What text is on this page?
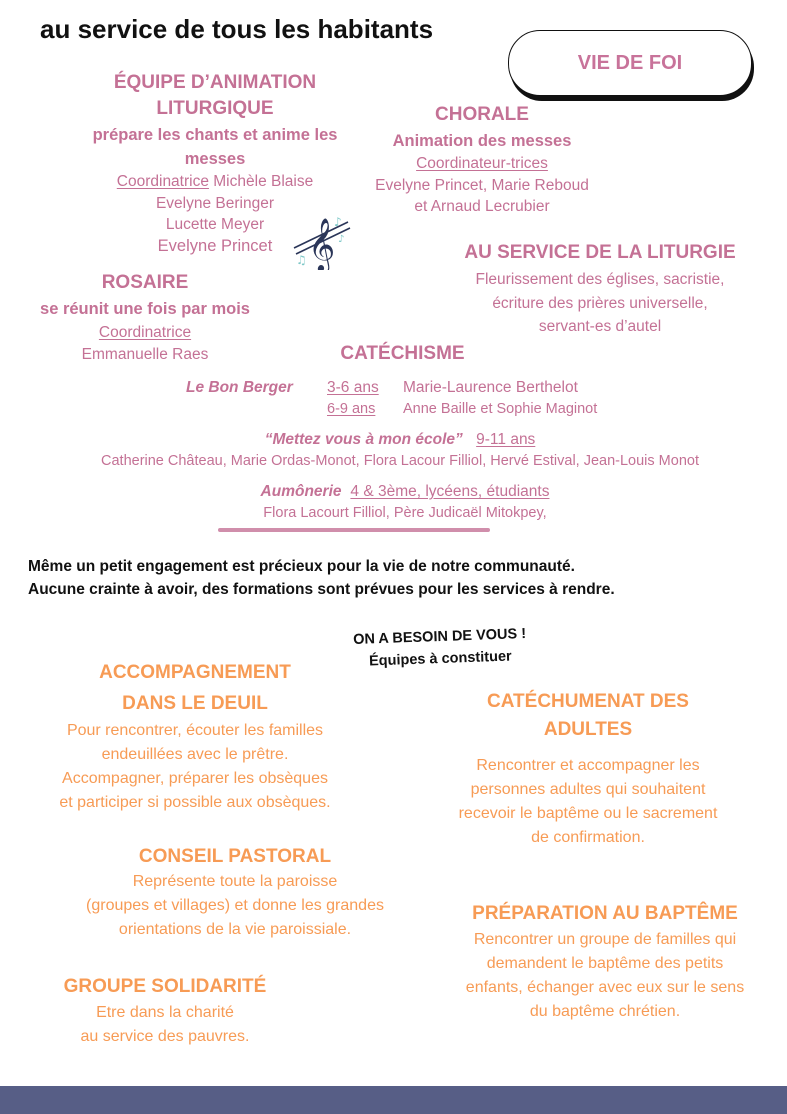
au service de tous les habitants
VIE DE FOI
ÉQUIPE D’ANIMATION
LITURGIQUE
prépare les chants et anime les
messes
Coordinatrice Michèle Blaise
Evelyne Beringer
Lucette Meyer
Evelyne Princet 𝄞
♪
♪
♫
CHORALE
Animation des messes
Coordinateur-trices
Evelyne Princet, Marie Reboud
et Arnaud Lecrubier
AU SERVICE DE LA LITURGIE
Fleurissement des églises, sacristie,
écriture des prières universelle,
servant-es d’autel
ROSAIRE
se réunit une fois par mois
Coordinatrice
Emmanuelle Raes	CATÉCHISME
Le Bon Berger	3-6 ans	Marie-Laurence Berthelot
6-9 ans	Anne Baille et Sophie Maginot
“Mettez vous à mon école” 9-11 ans
Catherine Château, Marie Ordas-Monot, Flora Lacour Filliol, Hervé Estival, Jean-Louis Monot
Aumônerie 4 & 3ème, lycéens, étudiants
Flora Lacourt Filliol, Père Judicaël Mitokpey,
Même un petit engagement est précieux pour la vie de notre communauté.
Aucune crainte à avoir, des formations sont prévues pour les services à rendre.
ON A BESOIN DE VOUS !
Équipes à constituer
ACCOMPAGNEMENT
DANS LE DEUIL
Pour rencontrer, écouter les familles
endeuillées avec le prêtre.
Accompagner, préparer les obsèques
et participer si possible aux obsèques.
CATÉCHUMENAT DES
ADULTES
Rencontrer et accompagner les
personnes adultes qui souhaitent
recevoir le baptême ou le sacrement
de confirmation.
CONSEIL PASTORAL
Représente toute la paroisse
(groupes et villages) et donne les grandes
orientations de la vie paroissiale.
PRÉPARATION AU BAPTÊME
Rencontrer un groupe de familles qui
demandent le baptême des petits
enfants, échanger avec eux sur le sens
du baptême chrétien.
GROUPE SOLIDARITÉ
Etre dans la charité
au service des pauvres.
